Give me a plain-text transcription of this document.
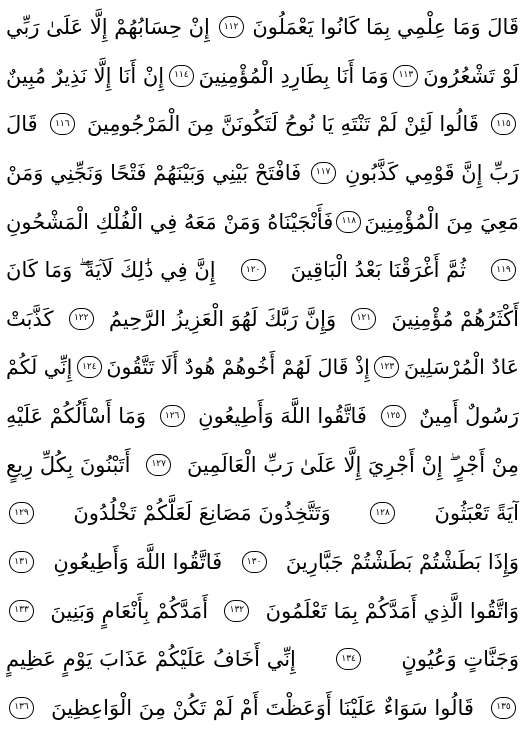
قَالَ وَمَا عِلْمِي بِمَا كَانُوا يَعْمَلُونَ
١١٢
إِنْ حِسَابُهُمْ إِلَّا عَلَىٰ رَبِّي
لَوْ تَشْعُرُونَ
١١٣
وَمَا أَنَا بِطَارِدِ الْمُؤْمِنِينَ
١١٤
إِنْ أَنَا إِلَّا نَذِيرٌ مُبِينٌ
١١٥
قَالُوا لَئِنْ لَمْ تَنْتَهِ يَا نُوحُ لَتَكُونَنَّ مِنَ الْمَرْجُومِينَ
١١٦
قَالَ
رَبِّ إِنَّ قَوْمِي كَذَّبُونِ
١١٧
فَافْتَحْ بَيْنِي وَبَيْنَهُمْ فَتْحًا وَنَجِّنِي وَمَنْ
مَعِيَ مِنَ الْمُؤْمِنِينَ
١١٨
فَأَنْجَيْنَاهُ وَمَنْ مَعَهُ فِي الْفُلْكِ الْمَشْحُونِ
١١٩
ثُمَّ أَغْرَقْنَا بَعْدُ الْبَاقِينَ
١٢٠
إِنَّ فِي ذَٰلِكَ لَآيَةً ۖ وَمَا كَانَ
أَكْثَرُهُمْ مُؤْمِنِينَ
١٢١
وَإِنَّ رَبَّكَ لَهُوَ الْعَزِيزُ الرَّحِيمُ
١٢٢
كَذَّبَتْ
عَادٌ الْمُرْسَلِينَ
١٢٣
إِذْ قَالَ لَهُمْ أَخُوهُمْ هُودٌ أَلَا تَتَّقُونَ
١٢٤
إِنِّي لَكُمْ
رَسُولٌ أَمِينٌ
١٢٥
فَاتَّقُوا اللَّهَ وَأَطِيعُونِ
١٢٦
وَمَا أَسْأَلُكُمْ عَلَيْهِ
مِنْ أَجْرٍ ۖ إِنْ أَجْرِيَ إِلَّا عَلَىٰ رَبِّ الْعَالَمِينَ
١٢٧
أَتَبْنُونَ بِكُلِّ رِيعٍ
آيَةً تَعْبَثُونَ
١٢٨
وَتَتَّخِذُونَ مَصَانِعَ لَعَلَّكُمْ تَخْلُدُونَ
١٢٩
وَإِذَا بَطَشْتُمْ بَطَشْتُمْ جَبَّارِينَ
١٣٠
فَاتَّقُوا اللَّهَ وَأَطِيعُونِ
١٣١
وَاتَّقُوا الَّذِي أَمَدَّكُمْ بِمَا تَعْلَمُونَ
١٣٢
أَمَدَّكُمْ بِأَنْعَامٍ وَبَنِينَ
١٣٣
وَجَنَّاتٍ وَعُيُونٍ
١٣٤
إِنِّي أَخَافُ عَلَيْكُمْ عَذَابَ يَوْمٍ عَظِيمٍ
١٣٥
قَالُوا سَوَاءٌ عَلَيْنَا أَوَعَظْتَ أَمْ لَمْ تَكُنْ مِنَ الْوَاعِظِينَ
١٣٦
